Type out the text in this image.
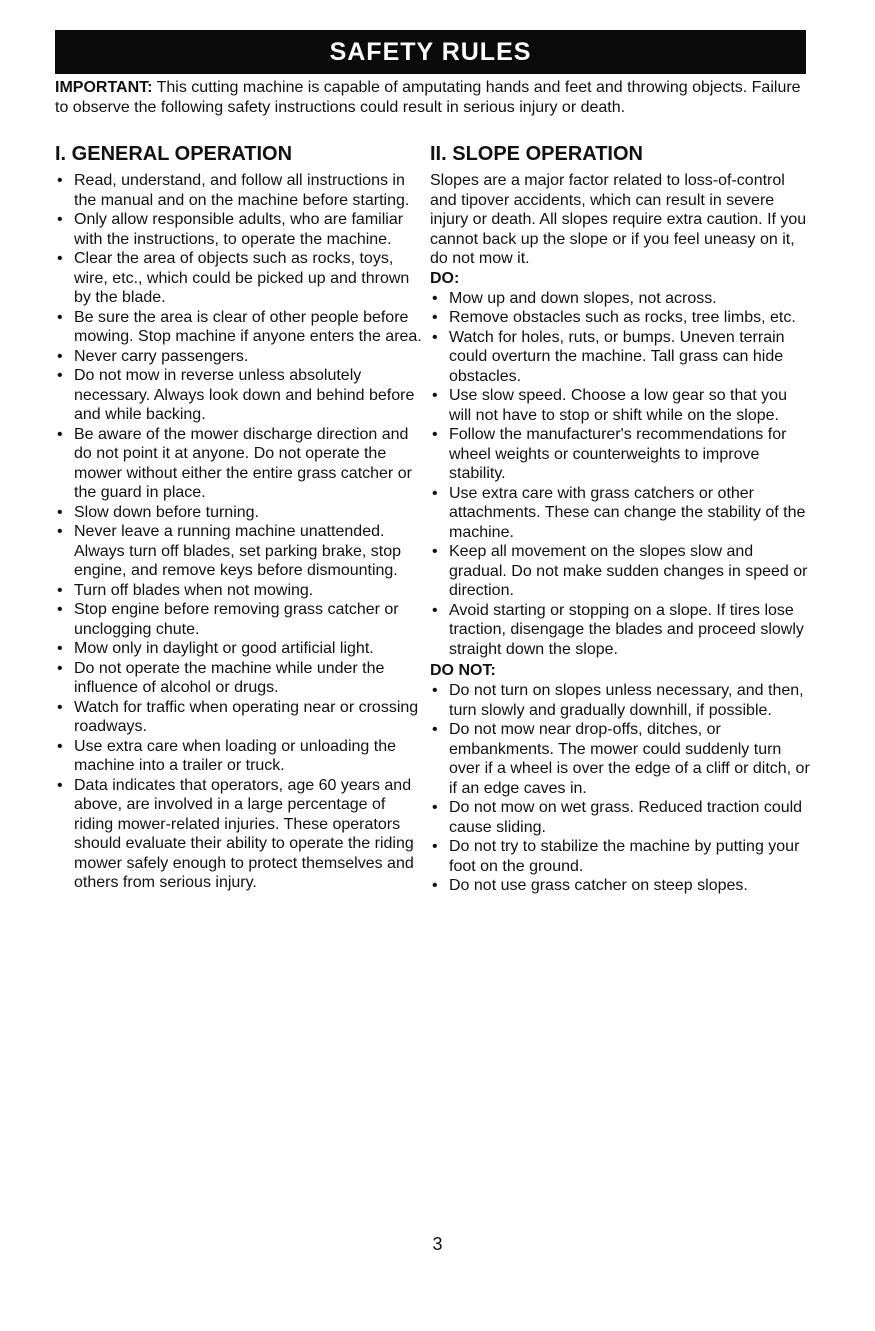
SAFETY RULES

IMPORTANT: This cutting machine is capable of amputating hands and feet and throwing objects. Failure to observe the following safety instructions could result in serious injury or death.

I. GENERAL OPERATION
• Read, understand, and follow all instructions in the manual and on the machine before starting.
• Only allow responsible adults, who are familiar with the instructions, to operate the machine.
• Clear the area of objects such as rocks, toys, wire, etc., which could be picked up and thrown by the blade.
• Be sure the area is clear of other people before mowing. Stop machine if anyone enters the area.
• Never carry passengers.
• Do not mow in reverse unless absolutely necessary. Always look down and behind before and while backing.
• Be aware of the mower discharge direction and do not point it at anyone. Do not operate the mower without either the entire grass catcher or the guard in place.
• Slow down before turning.
• Never leave a running machine unattended. Always turn off blades, set parking brake, stop engine, and remove keys before dismounting.
• Turn off blades when not mowing.
• Stop engine before removing grass catcher or unclogging chute.
• Mow only in daylight or good artificial light.
• Do not operate the machine while under the influence of alcohol or drugs.
• Watch for traffic when operating near or crossing roadways.
• Use extra care when loading or unloading the machine into a trailer or truck.
• Data indicates that operators, age 60 years and above, are involved in a large percentage of riding mower-related injuries. These operators should evaluate their ability to operate the riding mower safely enough to protect themselves and others from serious injury.
II. SLOPE OPERATION

Slopes are a major factor related to loss-of-control and tipover accidents, which can result in severe injury or death. All slopes require extra caution. If you cannot back up the slope or if you feel uneasy on it, do not mow it.

DO:
• Mow up and down slopes, not across.
• Remove obstacles such as rocks, tree limbs, etc.
• Watch for holes, ruts, or bumps. Uneven terrain could overturn the machine. Tall grass can hide obstacles.
• Use slow speed. Choose a low gear so that you will not have to stop or shift while on the slope.
• Follow the manufacturer's recommendations for wheel weights or counterweights to improve stability.
• Use extra care with grass catchers or other attachments. These can change the stability of the machine.
• Keep all movement on the slopes slow and gradual. Do not make sudden changes in speed or direction.
• Avoid starting or stopping on a slope. If tires lose traction, disengage the blades and proceed slowly straight down the slope.
DO NOT:
• Do not turn on slopes unless necessary, and then, turn slowly and gradually downhill, if possible.
• Do not mow near drop-offs, ditches, or embankments. The mower could suddenly turn over if a wheel is over the edge of a cliff or ditch, or if an edge caves in.
• Do not mow on wet grass. Reduced traction could cause sliding.
• Do not try to stabilize the machine by putting your foot on the ground.
• Do not use grass catcher on steep slopes.
3
